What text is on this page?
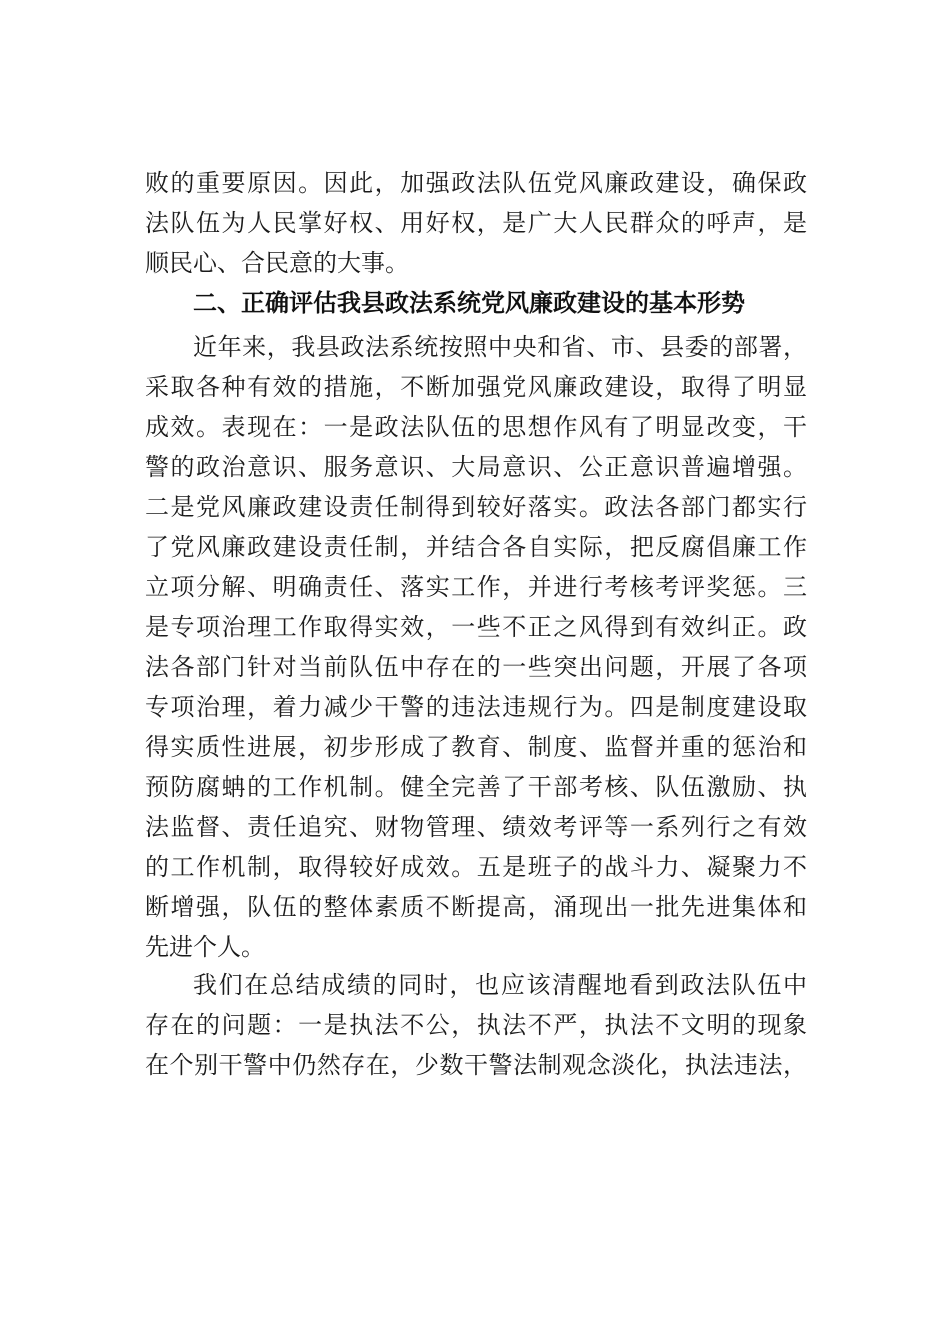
败的重要原因。因此，加强政法队伍党风廉政建设，确保政
法队伍为人民掌好权、用好权，是广大人民群众的呼声，是
顺民心、合民意的大事。
二、正确评估我县政法系统党风廉政建设的基本形势
近年来，我县政法系统按照中央和省、市、县委的部署，
采取各种有效的措施，不断加强党风廉政建设，取得了明显
成效。表现在：一是政法队伍的思想作风有了明显改变，干
警的政治意识、服务意识、大局意识、公正意识普遍增强。
二是党风廉政建设责任制得到较好落实。政法各部门都实行
了党风廉政建设责任制，并结合各自实际，把反腐倡廉工作
立项分解、明确责任、落实工作，并进行考核考评奖惩。三
是专项治理工作取得实效，一些不正之风得到有效纠正。政
法各部门针对当前队伍中存在的一些突出问题，开展了各项
专项治理，着力减少干警的违法违规行为。四是制度建设取
得实质性进展，初步形成了教育、制度、监督并重的惩治和
预防腐蚺的工作机制。健全完善了干部考核、队伍激励、执
法监督、责任追究、财物管理、绩效考评等一系列行之有效
的工作机制，取得较好成效。五是班子的战斗力、凝聚力不
断增强，队伍的整体素质不断提高，涌现出一批先进集体和
先进个人。
我们在总结成绩的同时，也应该清醒地看到政法队伍中
存在的问题：一是执法不公，执法不严，执法不文明的现象
在个别干警中仍然存在，少数干警法制观念淡化，执法违法，
